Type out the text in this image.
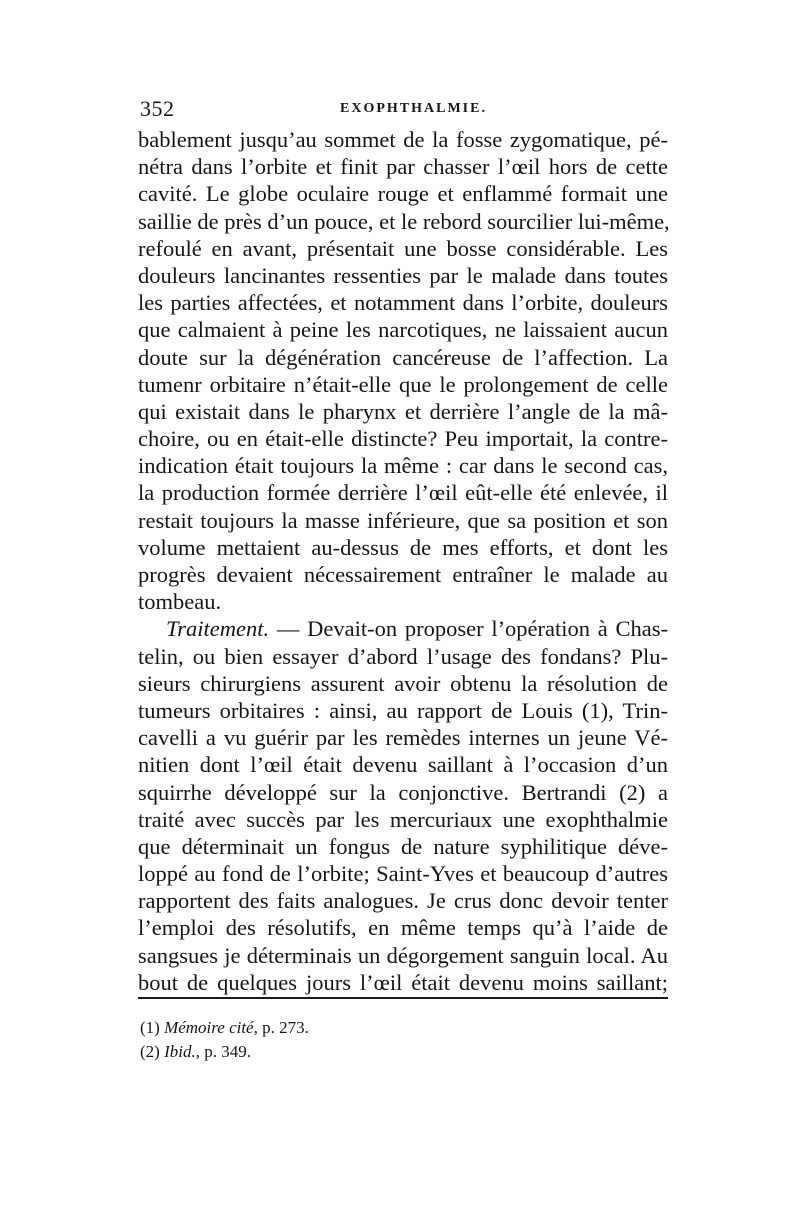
352	EXOPHTHALMIE.
bablement jusqu’au sommet de la fosse zygomatique, pé-
nétra dans l’orbite et finit par chasser l’œil hors de cette
cavité. Le globe oculaire rouge et enflammé formait une
saillie de près d’un pouce, et le rebord sourcilier lui-même,
refoulé en avant, présentait une bosse considérable. Les
douleurs lancinantes ressenties par le malade dans toutes
les parties affectées, et notamment dans l’orbite, douleurs
que calmaient à peine les narcotiques, ne laissaient aucun
doute sur la dégénération cancéreuse de l’affection. La
tumenr orbitaire n’était-elle que le prolongement de celle
qui existait dans le pharynx et derrière l’angle de la mâ-
choire, ou en était-elle distincte? Peu importait, la contre-
indication était toujours la même : car dans le second cas,
la production formée derrière l’œil eût-elle été enlevée, il
restait toujours la masse inférieure, que sa position et son
volume mettaient au-dessus de mes efforts, et dont les
progrès devaient nécessairement entraîner le malade au
tombeau.
Traitement. — Devait-on proposer l’opération à Chas-
telin, ou bien essayer d’abord l’usage des fondans? Plu-
sieurs chirurgiens assurent avoir obtenu la résolution de
tumeurs orbitaires : ainsi, au rapport de Louis (1), Trin-
cavelli a vu guérir par les remèdes internes un jeune Vé-
nitien dont l’œil était devenu saillant à l’occasion d’un
squirrhe développé sur la conjonctive. Bertrandi (2) a
traité avec succès par les mercuriaux une exophthalmie
que déterminait un fongus de nature syphilitique déve-
loppé au fond de l’orbite; Saint-Yves et beaucoup d’autres
rapportent des faits analogues. Je crus donc devoir tenter
l’emploi des résolutifs, en même temps qu’à l’aide de
sangsues je déterminais un dégorgement sanguin local. Au
bout de quelques jours l’œil était devenu moins saillant;
(1) Mémoire cité, p. 273.
(2) Ibid., p. 349.
